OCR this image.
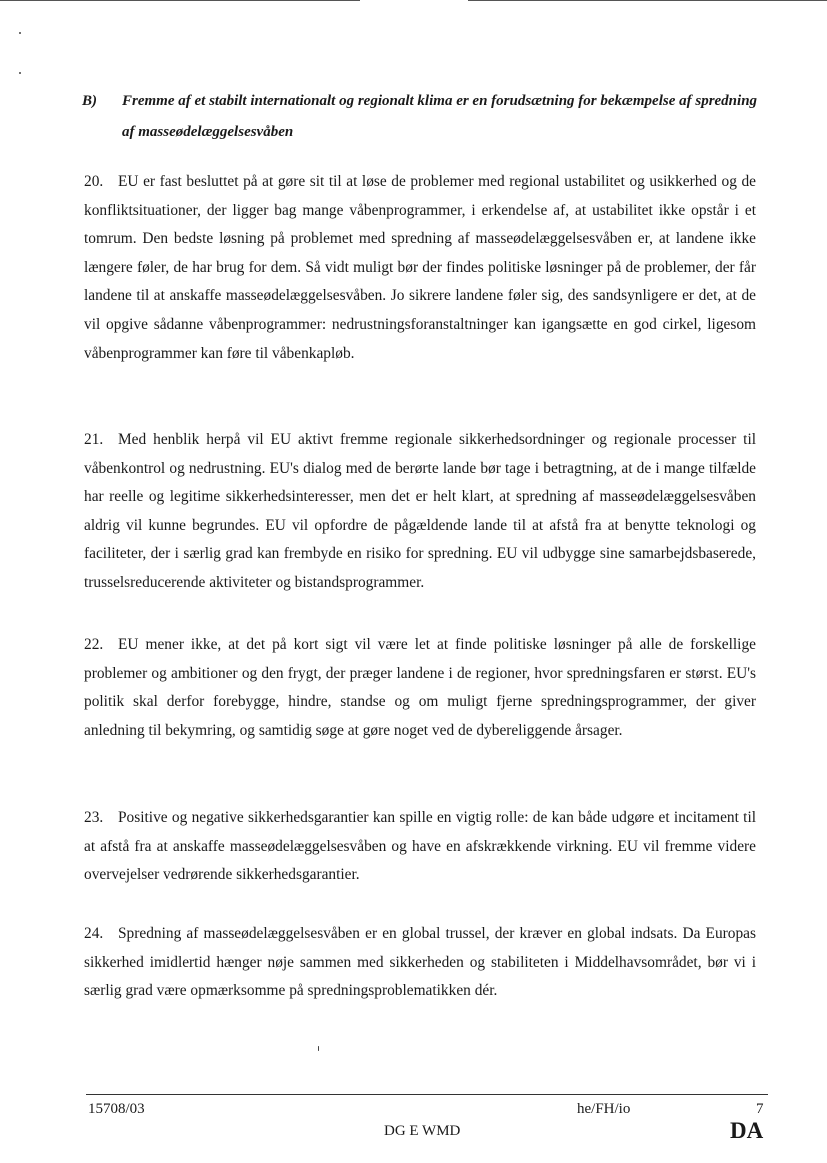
B) Fremme af et stabilt internationalt og regionalt klima er en forudsætning for bekæmpelse af spredning af masseødelæggelsesvåben

20. EU er fast besluttet på at gøre sit til at løse de problemer med regional ustabilitet og usikkerhed og de konfliktsituationer, der ligger bag mange våbenprogrammer, i erkendelse af, at ustabilitet ikke opstår i et tomrum. Den bedste løsning på problemet med spredning af masseødelæggelsesvåben er, at landene ikke længere føler, de har brug for dem. Så vidt muligt bør der findes politiske løsninger på de problemer, der får landene til at anskaffe masseødelæggelsesvåben. Jo sikrere landene føler sig, des sandsynligere er det, at de vil opgive sådanne våbenprogrammer: nedrustningsforanstaltninger kan igangsætte en god cirkel, ligesom våbenprogrammer kan føre til våbenkapløb.

21. Med henblik herpå vil EU aktivt fremme regionale sikkerhedsordninger og regionale processer til våbenkontrol og nedrustning. EU's dialog med de berørte lande bør tage i betragtning, at de i mange tilfælde har reelle og legitime sikkerhedsinteresser, men det er helt klart, at spredning af masseødelæggelsesvåben aldrig vil kunne begrundes. EU vil opfordre de pågældende lande til at afstå fra at benytte teknologi og faciliteter, der i særlig grad kan frembyde en risiko for spredning. EU vil udbygge sine samarbejdsbaserede, trusselsreducerende aktiviteter og bistandsprogrammer.

22. EU mener ikke, at det på kort sigt vil være let at finde politiske løsninger på alle de forskellige problemer og ambitioner og den frygt, der præger landene i de regioner, hvor spredningsfaren er størst. EU's politik skal derfor forebygge, hindre, standse og om muligt fjerne spredningsprogrammer, der giver anledning til bekymring, og samtidig søge at gøre noget ved de dybereliggende årsager.

23. Positive og negative sikkerhedsgarantier kan spille en vigtig rolle: de kan både udgøre et incitament til at afstå fra at anskaffe masseødelæggelsesvåben og have en afskrækkende virkning. EU vil fremme videre overvejelser vedrørende sikkerhedsgarantier.

24. Spredning af masseødelæggelsesvåben er en global trussel, der kræver en global indsats. Da Europas sikkerhed imidlertid hænger nøje sammen med sikkerheden og stabiliteten i Middelhavsområdet, bør vi i særlig grad være opmærksomme på spredningsproblematikken dér.

15708/03	he/FH/io	7
DG E WMD	DA
